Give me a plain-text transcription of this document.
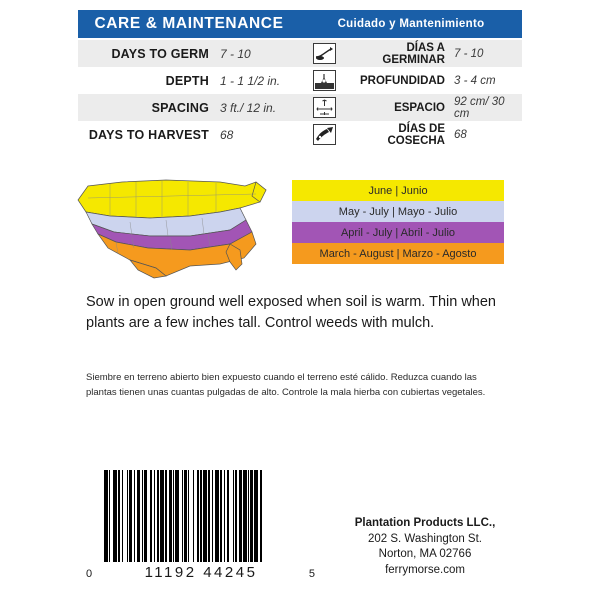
CARE & MAINTENANCE	Cuidado y Mantenimiento
DAYS TO GERM 7 - 10	DÍAS A GERMINAR 7 - 10
DEPTH 1 - 1 1/2 in.	PROFUNDIDAD 3 - 4 cm
SPACING 3 ft./ 12 in.	ESPACIO 92 cm/ 30 cm
DAYS TO HARVEST 68	DÍAS DE COSECHA 68
June | Junio
May - July | Mayo - Julio
April - July | Abril - Julio
March - August | Marzo - Agosto
Sow in open ground well exposed when soil is warm. Thin when plants are a few inches tall. Control weeds with mulch.
Siembre en terreno abierto bien expuesto cuando el terreno esté cálido. Reduzca cuando las plantas tienen unas cuantas pulgadas de alto. Controle la mala hierba con cubiertas vegetales.
0	11192 44245	5
Plantation Products LLC.,
202 S. Washington St.
Norton, MA 02766
ferrymorse.com
